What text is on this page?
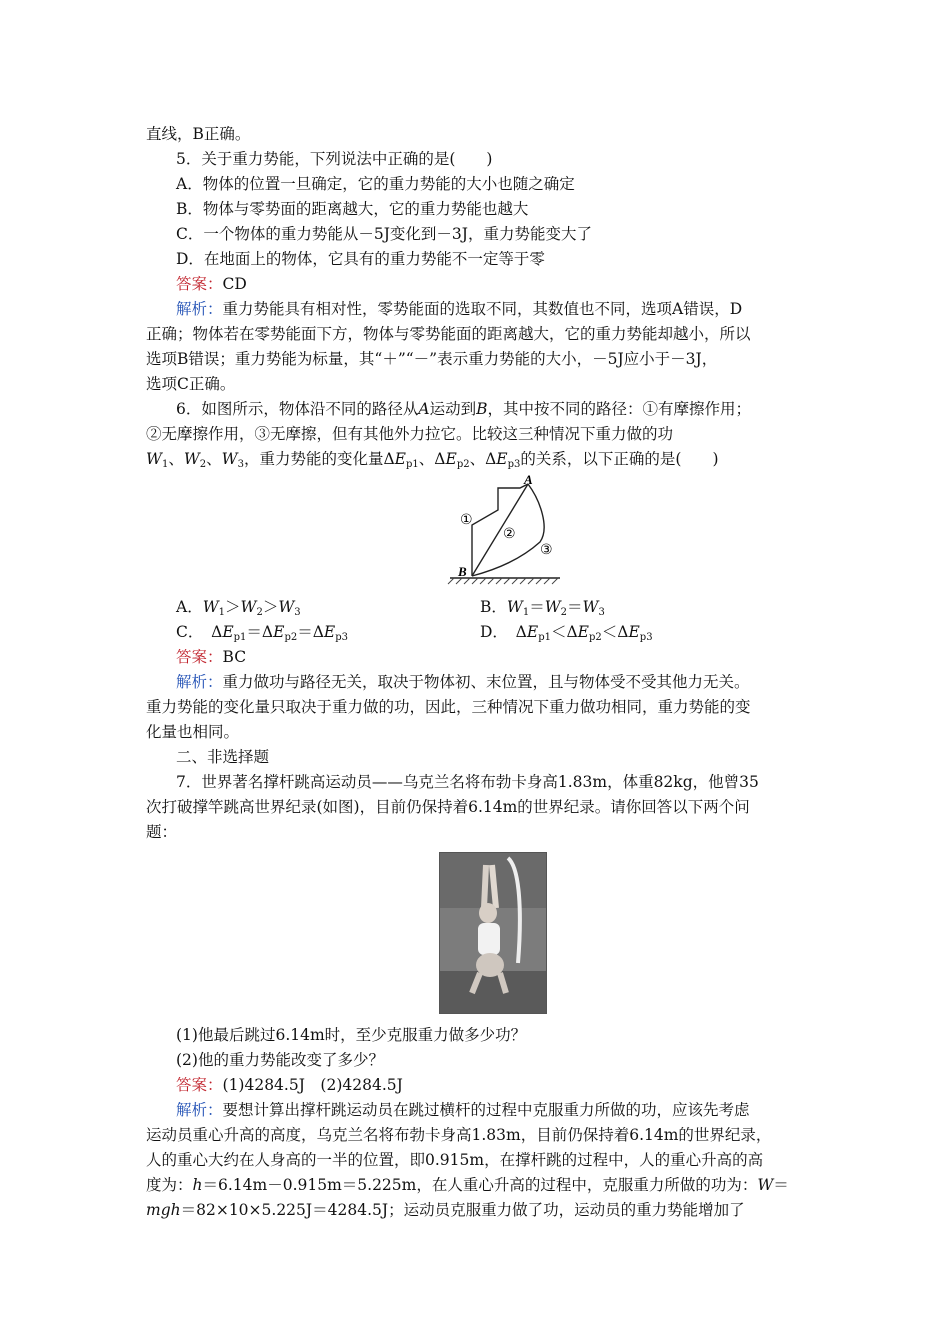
直线，B正确。
5．关于重力势能，下列说法中正确的是(　　)
A．物体的位置一旦确定，它的重力势能的大小也随之确定
B．物体与零势面的距离越大，它的重力势能也越大
C．一个物体的重力势能从－5J变化到－3J，重力势能变大了
D．在地面上的物体，它具有的重力势能不一定等于零
答案：CD
解析：重力势能具有相对性，零势能面的选取不同，其数值也不同，选项A错误，D
正确；物体若在零势能面下方，物体与零势能面的距离越大，它的重力势能却越小，所以
选项B错误；重力势能为标量，其“＋”“－”表示重力势能的大小，－5J应小于－3J，
选项C正确。
6．如图所示，物体沿不同的路径从A运动到B，其中按不同的路径：①有摩擦作用；
②无摩擦作用，③无摩擦，但有其他外力拉它。比较这三种情况下重力做的功
$W_1$、$W_2$、$W_3$，重力势能的变化量$\Delta E_{p1}$、$\Delta E_{p2}$、$\Delta E_{p3}$的关系，以下正确的是(　　)
A
B
①
②
③
A．$W_1>W_2>W_3$	B．$W_1=W_2=W_3$
C．　$\Delta E_{p1}=\Delta E_{p2}=\Delta E_{p3}$	D．　$\Delta E_{p1}<\Delta E_{p2}<\Delta E_{p3}$
答案：BC
解析：重力做功与路径无关，取决于物体初、末位置，且与物体受不受其他力无关。
重力势能的变化量只取决于重力做的功，因此，三种情况下重力做功相同，重力势能的变
化量也相同。
二、非选择题
7．世界著名撑杆跳高运动员——乌克兰名将布勃卡身高1.83m，体重82kg，他曾35
次打破撑竿跳高世界纪录(如图)，目前仍保持着6.14m的世界纪录。请你回答以下两个问
题：
(1)他最后跳过6.14m时，至少克服重力做多少功？
(2)他的重力势能改变了多少？
答案：(1)4284.5J　(2)4284.5J
解析：要想计算出撑杆跳运动员在跳过横杆的过程中克服重力所做的功，应该先考虑
运动员重心升高的高度，乌克兰名将布勃卡身高1.83m，目前仍保持着6.14m的世界纪录，
人的重心大约在人身高的一半的位置，即0.915m，在撑杆跳的过程中，人的重心升高的高
度为：h＝6.14m－0.915m＝5.225m，在人重心升高的过程中，克服重力所做的功为：W＝
mgh＝82×10×5.225J＝4284.5J；运动员克服重力做了功，运动员的重力势能增加了
